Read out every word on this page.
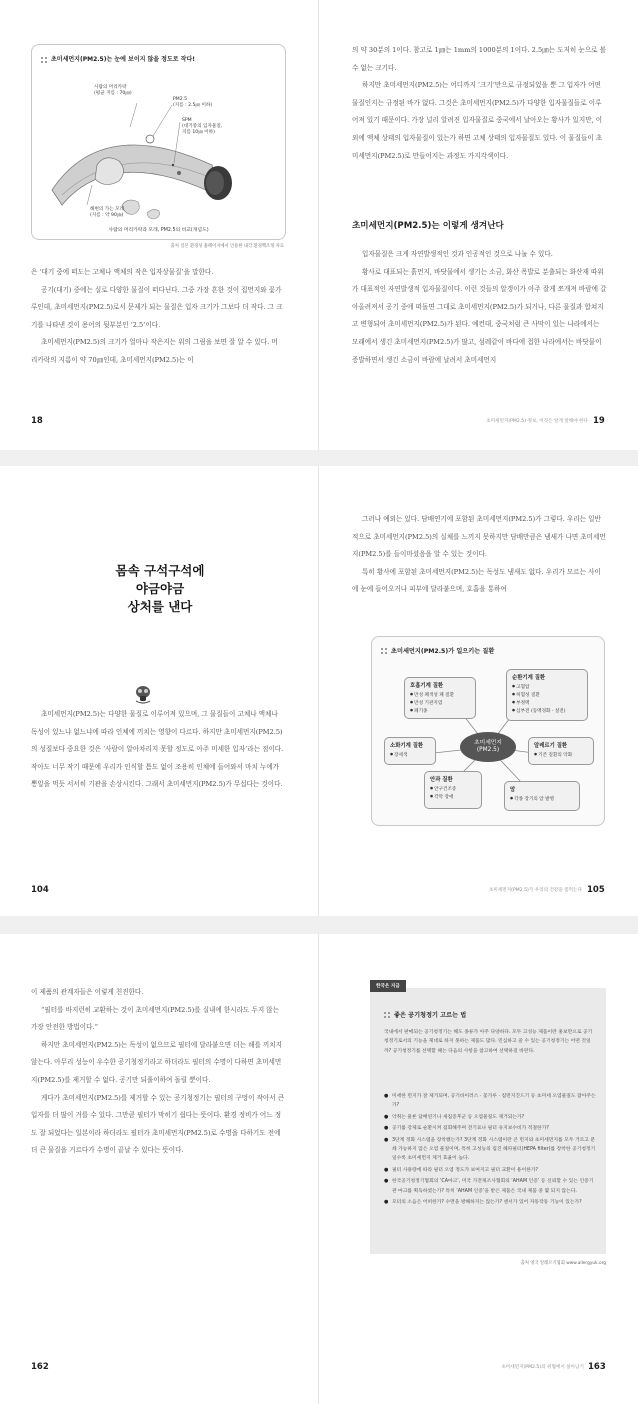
초미세먼지(PM2.5)는 눈에 보이지 않을 정도로 작다!
사람의 머리카락
(평균 지름 : 70㎛)
PM2.5
(지름 : 2.5㎛ 이하)
SPM
(대기중의 입자물질,
지름 10㎛ 이하)
해변의 가는 모래
(지름 : 약 90㎛)
사람의 머리카락과 모래, PM2.5의 비교(개념도)
출처 일본 환경성 홈페이지에서 인용한 내각 환경백조정 자료

은 ‘대기 중에 떠도는 고체나 액체의 작은 입자상물질’을 말한다.

공기(대기) 중에는 실로 다양한 물질이 떠다닌다. 그중 가장 흔한 것이 집먼지와 꽃가루인데, 초미세먼지(PM2.5)로서 문제가 되는 물질은 입자 크기가 그보다 더 작다. 그 크기를 나타낸 것이 용어의 뒷부분인 ‘2.5’이다.

초미세먼지(PM2.5)의 크기가 얼마나 작은지는 위의 그림을 보면 잘 알 수 있다. 머리카락의 지름이 약 70㎛인데, 초미세먼지(PM2.5)는 이

의 약 30분의 1이다. 참고로 1㎛는 1mm의 1000분의 1이다. 2.5㎛는 도저히 눈으로 볼 수 없는 크기다.

하지만 초미세먼지(PM2.5)는 어디까지 ‘크기’만으로 규정되었을 뿐 그 입자가 어떤 물질인지는 규정된 바가 없다. 그것은 초미세먼지(PM2.5)가 다양한 입자물질들로 이루어져 있기 때문이다. 가장 널리 알려진 입자물질로 중국에서 날아오는 황사가 있지만, 이 외에 액체 상태의 입자물질이 있는가 하면 고체 상태의 입자물질도 있다. 이 물질들이 초미세먼지(PM2.5)로 만들어지는 과정도 가지각색이다.

초미세먼지(PM2.5)는 이렇게 생겨난다

입자물질은 크게 자연발생적인 것과 인공적인 것으로 나눌 수 있다.

황사로 대표되는 흙먼지, 바닷물에서 생기는 소금, 화산 폭발로 분출되는 화산재 따위가 대표적인 자연발생적 입자물질이다. 이런 것들의 알갱이가 아주 잘게 쪼개져 바람에 갈아올려져서 공기 중에 떠돌면 그대로 초미세먼지(PM2.5)가 되거나, 다른 물질과 합쳐지고 변형되어 초미세먼지(PM2.5)가 된다. 예컨대, 중국처럼 큰 사막이 있는 나라에서는 모래에서 생긴 초미세먼지(PM2.5)가 많고, 섬레같이 바다에 접한 나라에서는 바닷물이 증발하면서 생긴 소금이 바람에 날려서 초미세먼지

18	초미세먼지(PM2.5) 정보, 이것은 알게 알해야 한다 19
몸속 구석구석에
야금야금
상처를 낸다

초미세먼지(PM2.5)는 다양한 물질로 이루어져 있으며, 그 물질들이 고체나 액체나 독성이 있느냐 없느냐에 따라 인체에 끼치는 영향이 다르다. 하지만 초미세먼지(PM2.5)의 성질보다 중요한 것은 ‘사람이 알아차리지 못할 정도로 아주 미세한 입자’라는 점이다. 작아도 너무 작기 때문에 우리가 인식할 틈도 없이 조용히 인체에 들어와서 마치 누에가 뽕잎을 먹듯 서서히 기관을 손상시킨다. 그래서 초미세먼지(PM2.5)가 무섭다는 것이다.

그러나 예외는 있다. 담배연기에 포함된 초미세먼지(PM2.5)가 그렇다. 우리는 일반적으로 초미세먼지(PM2.5)의 실체를 느끼지 못하지만 담배만큼은 냄새가 나면 초미세먼지(PM2.5)를 들이마셨음을 알 수 있는 것이다.

특히 황사에 포함된 초미세먼지(PM2.5)는 독성도 냄새도 없다. 우리가 모르는 사이에 눈에 들어오거나 피부에 달라붙으며, 호흡을 통하여

초미세먼지(PM2.5)가 일으키는 질환
초미세먼지
(PM2.5)
호흡기계 질환
● 만성 폐색성 폐 질환
● 만성 기관지염
● 폐기종
순환기계 질환
● 고혈압
● 허혈성 질환
● 부정맥
● 심부전 (동맥경화 · 설전)
소화기계 질환
● 장세색
알레르기 질환
● 기존 질환의 악화
안과 질환
● 안구건조증
● 각막 장애
암
● 각종 장기의 암 발병
104	초미세먼지(PM2.5)가 우리의 건강을 좀먹는다 105

이 제품의 관계자들은 이렇게 친진한다.

“필터를 바지런히 교환하는 것이 초미세먼지(PM2.5)를 실내에 한시라도 두지 않는 가장 안전한 방법이다.”

하지만 초미세먼지(PM2.5)는 독성이 없으므로 필터에 달라붙으면 더는 해를 끼치지 않는다. 아무리 성능이 우수한 공기청정기라고 하더라도 필터의 수명이 다하면 초미세먼지(PM2.5)를 제거할 수 없다. 공기만 되풀이하여 돌릴 뿐이다.

게다가 초미세먼지(PM2.5)를 제거할 수 있는 공기청정기는 필터의 구멍이 작아서 큰 입자를 더 많이 거를 수 있다. 그만큼 필터가 막히기 쉽다는 뜻이다. 환경 정비가 어느 정도 잘 되었다는 일본이라 하더라도 필터가 초미세먼지(PM2.5)로 수명을 다하기도 전에 더 큰 물질을 거르다가 수명이 끝날 수 있다는 뜻이다.

한국은 지금
좋은 공기청정기 고르는 법
국내에서 판매되는 공기청정기는 해도 종류가 아주 다양하다. 모두 고성능 제품이란 홍보만으로 공기청정기로서의 기능을 제대로 하지 못하는 제품도 많다. 민심하고 쓸 수 있는 공기청정기는 어떤 것일까? 공기청정기를 선택할 때는 다음의 사항을 참고하여 선택하길 바란다.
● 미세한 먼지가 잘 제거되며, 공기바이러스 · 꽃가루 · 집먼지진드기 등 초미세 오염물질도 잡아주는가?
● 악취는 물론 담배연기나 새집증후군 등 오염물질도 제거되는가?
● 공기를 강제로 순환시켜 집회해주며 전기료나 필터 유지보수비가 적절한가?
● 3단계 정화 시스템을 장착했는가? 3단계 정화 시스템이란 큰 먼지와 초미세먼지를 모두 거르고 분쇄 가능하지 않은 오염 물질이며, 특히 고성능의 집진 헤파필터(HEPA filter)를 장착한 공기청정기일수록 초미세먼지 제거 효율이 높다.
● 필터 사용량에 따라 필터 오염 정도가 보여지고 필터 교환이 용이한가?
● 한국공기청정기협회의 ‘CA마크’, 미국 가전제조사협회의 ‘AHAM 인증’ 등 신뢰할 수 있는 인증기관 마크를 획득하였는가? 특히 ‘AHAM 인증’을 받은 제품은 국내 제품 중 몇 되지 않는다.
● 모터의 소음은 어떠한가? 수면을 방해하지는 않는가? 센서가 있어 자동작동 기능이 있는가?
출처 영국 알레르기협회 www.allergyuk.org
162	초미세먼지(PM2.5)의 위협에서 살아남기 163
